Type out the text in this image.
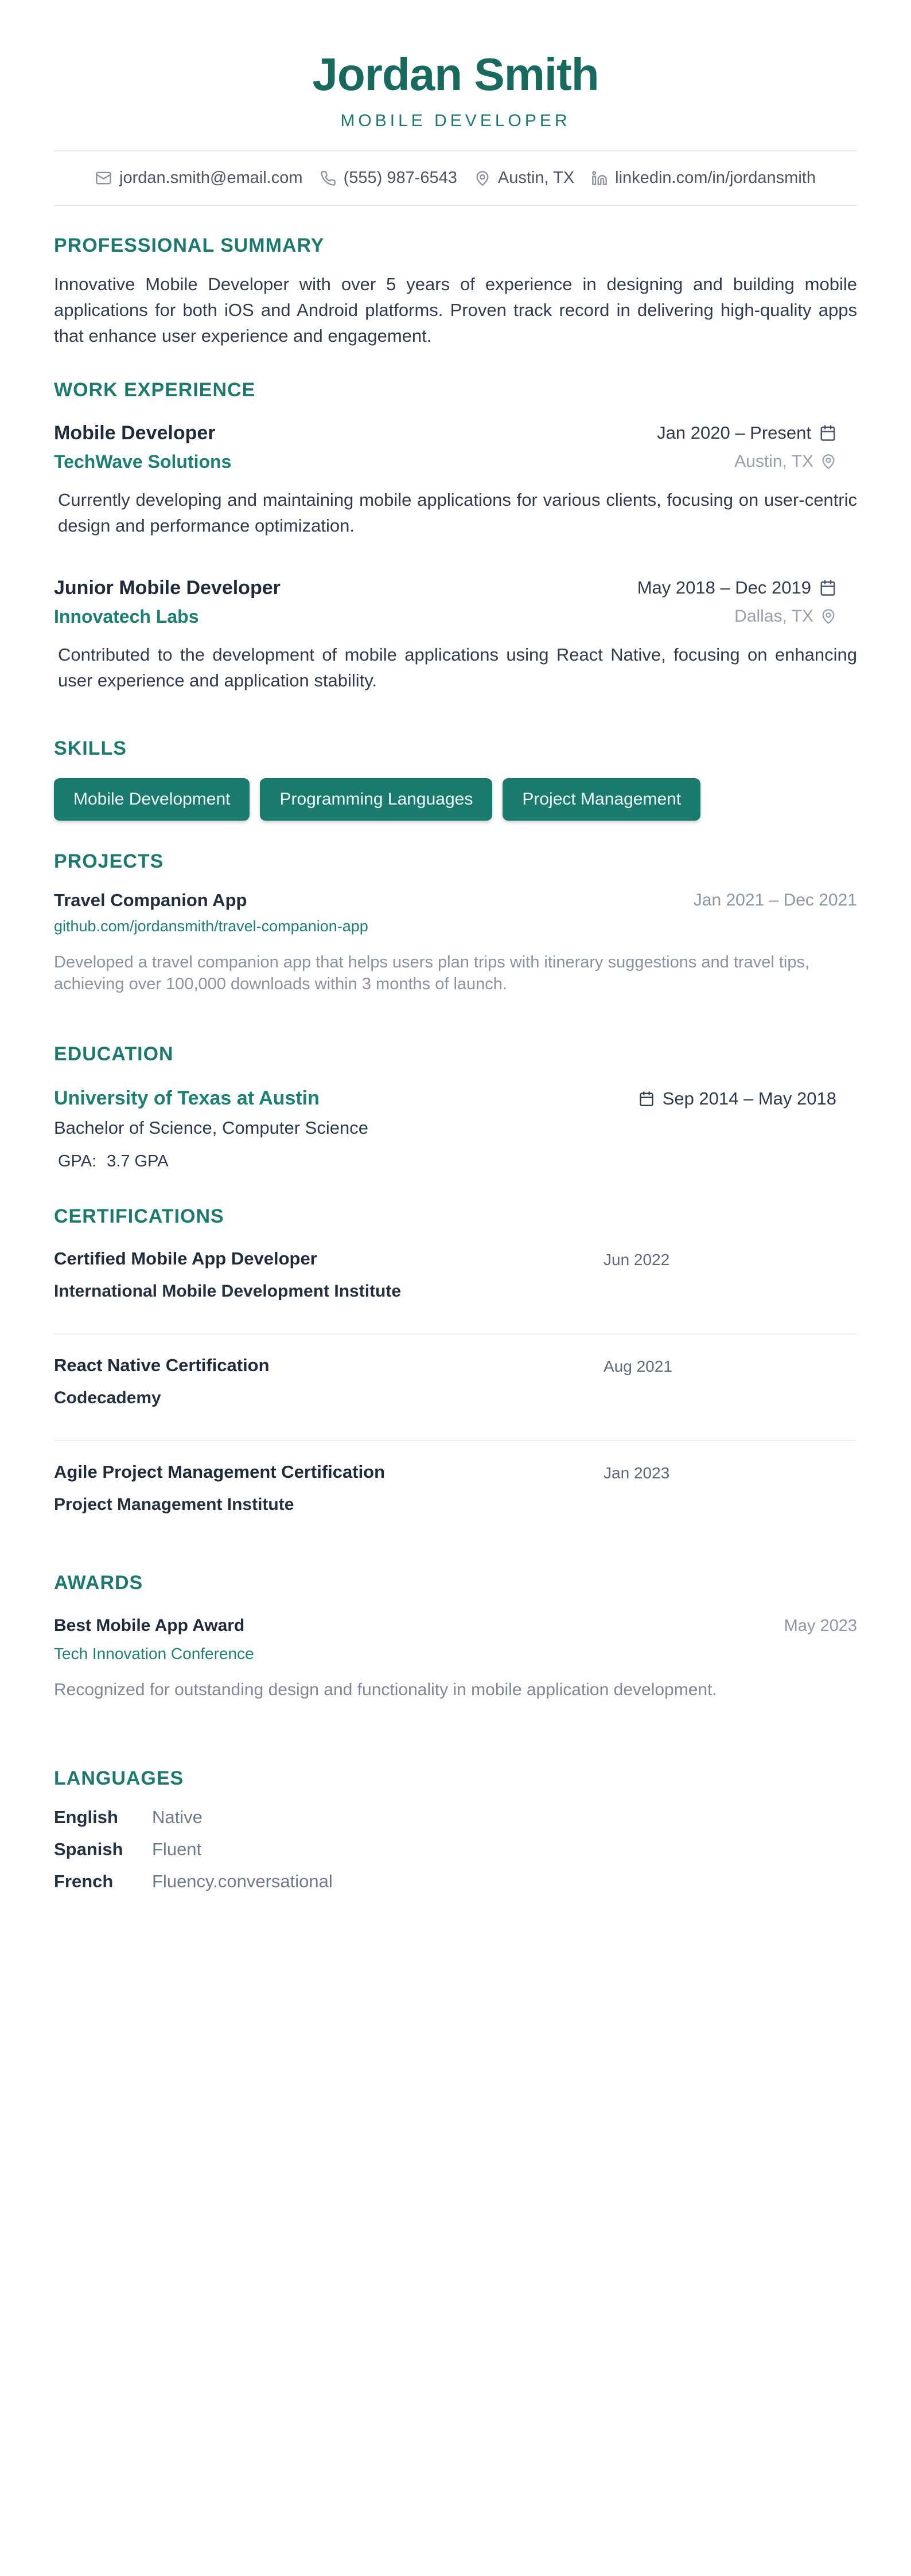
Jordan Smith
MOBILE DEVELOPER
jordan.smith@email.com (555) 987-6543 Austin, TX linkedin.com/in/jordansmith
PROFESSIONAL SUMMARY

Innovative Mobile Developer with over 5 years of experience in designing and building mobile applications for both iOS and Android platforms. Proven track record in delivering high-quality apps that enhance user experience and engagement.

WORK EXPERIENCE
Mobile Developer	Jan 2020 – Present
TechWave Solutions	Austin, TX

Currently developing and maintaining mobile applications for various clients, focusing on user-centric design and performance optimization.

Junior Mobile Developer	May 2018 – Dec 2019
Innovatech Labs	Dallas, TX

Contributed to the development of mobile applications using React Native, focusing on enhancing user experience and application stability.

SKILLS
Mobile Development	Programming Languages	Project Management
PROJECTS
Travel Companion App	Jan 2021 – Dec 2021
github.com/jordansmith/travel-companion-app

Developed a travel companion app that helps users plan trips with itinerary suggestions and travel tips, achieving over 100,000 downloads within 3 months of launch.

EDUCATION
University of Texas at Austin	Sep 2014 – May 2018
Bachelor of Science, Computer Science
GPA: 3.7 GPA
CERTIFICATIONS
Certified Mobile App Developer
International Mobile Development Institute
Jun 2022
React Native Certification
Codecademy
Aug 2021
Agile Project Management Certification
Project Management Institute
Jan 2023
AWARDS
Best Mobile App Award	May 2023
Tech Innovation Conference

Recognized for outstanding design and functionality in mobile application development.

LANGUAGES
English	Native
Spanish	Fluent
French	Fluency.conversational
